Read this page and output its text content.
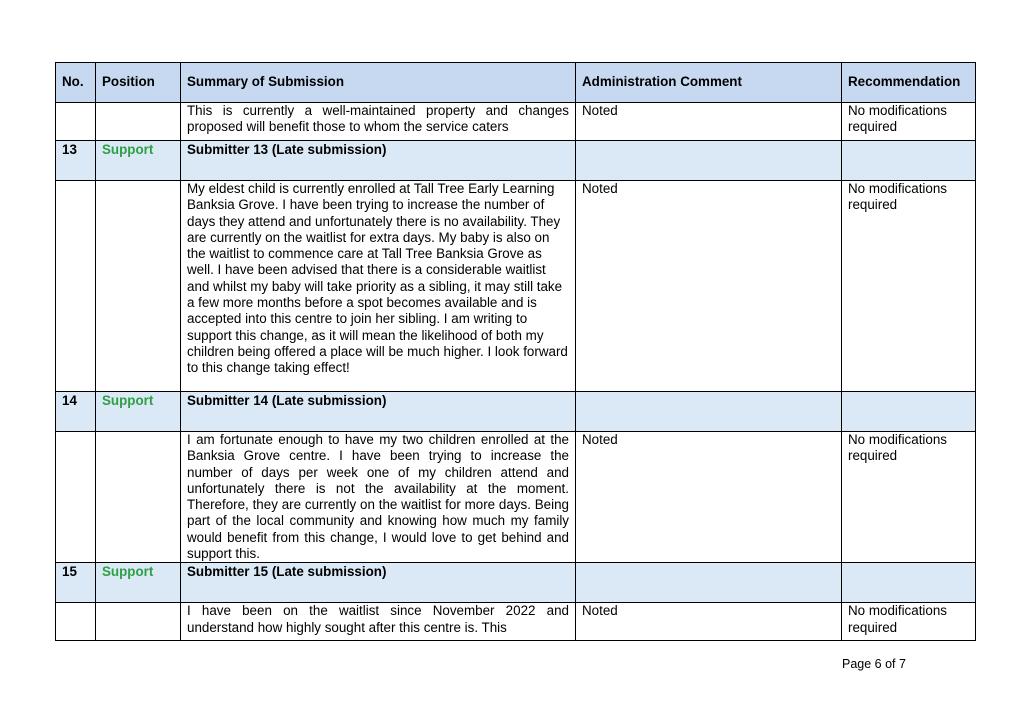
No.	Position	Summary of Submission	Administration Comment	Recommendation
		This is currently a well-maintained property and changes proposed will benefit those to whom the service caters	Noted	No modifications required
13	Support	Submitter 13 (Late submission)		

		My eldest child is currently enrolled at Tall Tree Early Learning Banksia Grove. I have been trying to increase the number of days they attend and unfortunately there is no availability. They are currently on the waitlist for extra days. My baby is also on the waitlist to commence care at Tall Tree Banksia Grove as well. I have been advised that there is a considerable waitlist and whilst my baby will take priority as a sibling, it may still take a few more months before a spot becomes available and is accepted into this centre to join her sibling. I am writing to support this change, as it will mean the likelihood of both my children being offered a place will be much higher. I look forward to this change taking effect!	Noted	No modifications required
14	Support	Submitter 14 (Late submission)		
		I am fortunate enough to have my two children enrolled at the Banksia Grove centre. I have been trying to increase the number of days per week one of my children attend and unfortunately there is not the availability at the moment. Therefore, they are currently on the waitlist for more days. Being part of the local community and knowing how much my family would benefit from this change, I would love to get behind and support this.	Noted	No modifications required
15	Support	Submitter 15 (Late submission)		
		I have been on the waitlist since November 2022 and understand how highly sought after this centre is. This	Noted	No modifications required
Page 6 of 7
